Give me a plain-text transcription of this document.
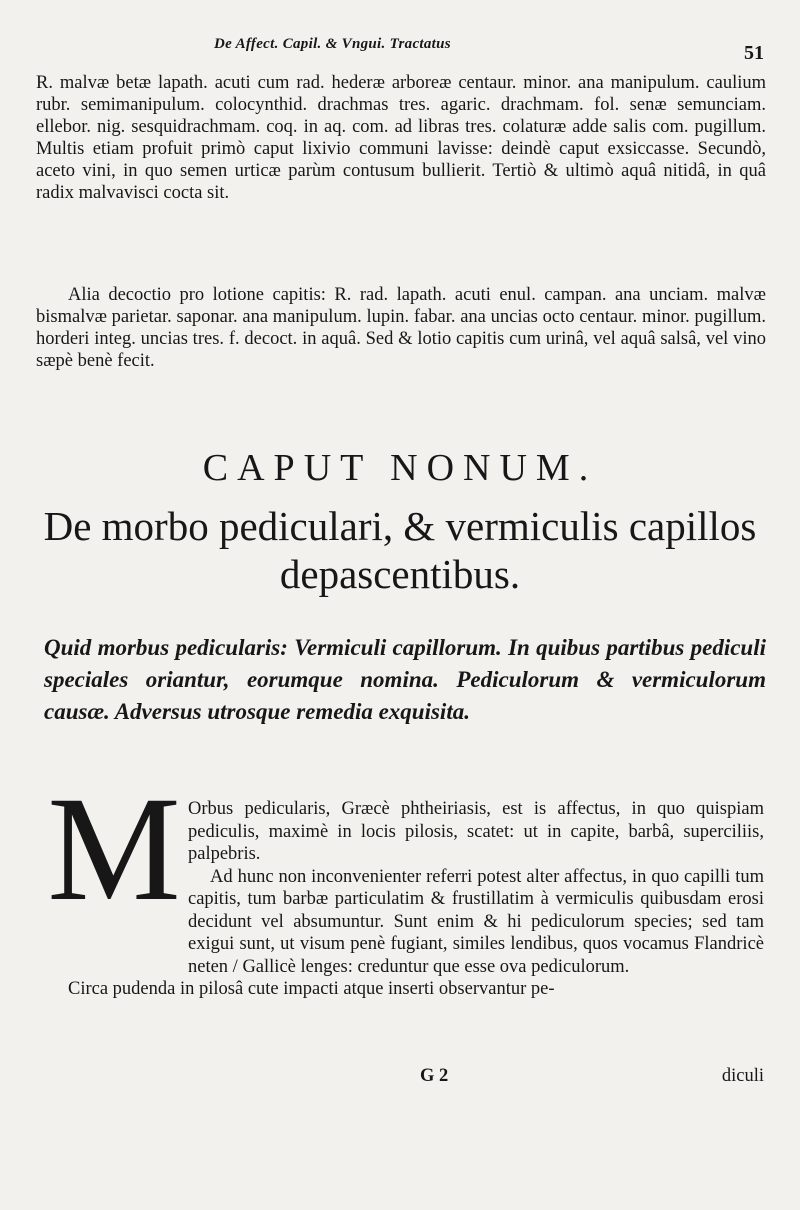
De Affect. Capil. & Vngui. Tractatus	51

R. malvæ betæ lapath. acuti cum rad. hederæ arboreæ centaur. minor. ana manipulum. caulium rubr. semimanipulum. colocynthid. drachmas tres. agaric. drachmam. fol. senæ semunciam. ellebor. nig. sesquidrachmam. coq. in aq. com. ad libras tres. colaturæ adde salis com. pugillum. Multis etiam profuit primò caput lixivio communi lavisse: deindè caput exsiccasse. Secundò, aceto vini, in quo semen urticæ parùm contusum bullierit. Tertiò & ultimò aquâ nitidâ, in quâ radix malvavisci cocta sit.

Alia decoctio pro lotione capitis: R. rad. lapath. acuti enul. campan. ana unciam. malvæ bismalvæ parietar. saponar. ana manipulum. lupin. fabar. ana uncias octo centaur. minor. pugillum. horderi integ. uncias tres. f. decoct. in aquâ. Sed & lotio capitis cum urinâ, vel aquâ salsâ, vel vino sæpè benè fecit.

CAPUT NONUM.
De morbo pediculari, & vermiculis capillos depascentibus.
Quid morbus pedicularis: Vermiculi capillorum. In quibus partibus pediculi speciales oriantur, eorumque nomina. Pediculorum & vermiculorum causæ. Adversus utrosque remedia exquisita.
M Orbus pedicularis, Græcè phtheiriasis, est is affectus, in quo quispiam pediculis, maximè in locis pilosis, scatet: ut in capite, barbâ, superciliis, palpebris.

Ad hunc non inconvenienter referri potest alter affectus, in quo capilli tum capitis, tum barbæ particulatim & frustillatim à vermiculis quibusdam erosi decidunt vel absumuntur. Sunt enim & hi pediculorum species; sed tam exigui sunt, ut visum penè fugiant, similes lendibus, quos vocamus Flandricè neten / Gallicè lenges: creduntur que esse ova pediculorum.

Circa pudenda in pilosâ cute impacti atque inserti observantur pe-

G 2	diculi
